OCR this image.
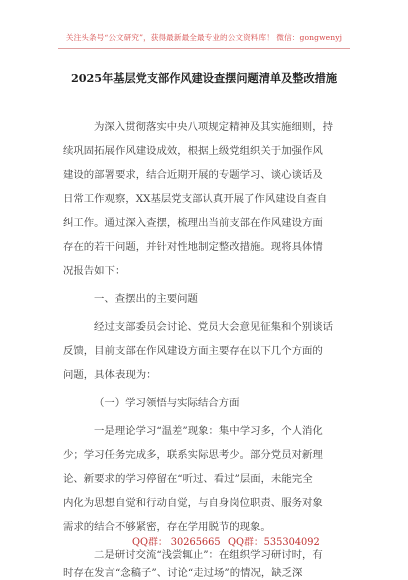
关注头条号“公文研究”，获得最新最全最专业的公文资料库！ 微信：gongwenyj
2025年基层党支部作风建设查摆问题清单及整改措施
为深入贯彻落实中央八项规定精神及其实施细则，持
续巩固拓展作风建设成效，根据上级党组织关于加强作风
建设的部署要求，结合近期开展的专题学习、谈心谈话及
日常工作观察，XX基层党支部认真开展了作风建设自查自
纠工作。通过深入查摆，梳理出当前支部在作风建设方面
存在的若干问题，并针对性地制定整改措施。现将具体情
况报告如下：
一、查摆出的主要问题
经过支部委员会讨论、党员大会意见征集和个别谈话
反馈，目前支部在作风建设方面主要存在以下几个方面的
问题，具体表现为：
（一）学习领悟与实际结合方面
一是理论学习“温差”现象：集中学习多，个人消化
少；学习任务完成多，联系实际思考少。部分党员对新理
论、新要求的学习停留在“听过、看过”层面，未能完全
内化为思想自觉和行动自觉，与自身岗位职责、服务对象
需求的结合不够紧密，存在学用脱节的现象。
二是研讨交流“浅尝辄止”：在组织学习研讨时，有
时存在发言“念稿子”、讨论“走过场”的情况，缺乏深
QQ群： 30265665 QQ群：535304092
